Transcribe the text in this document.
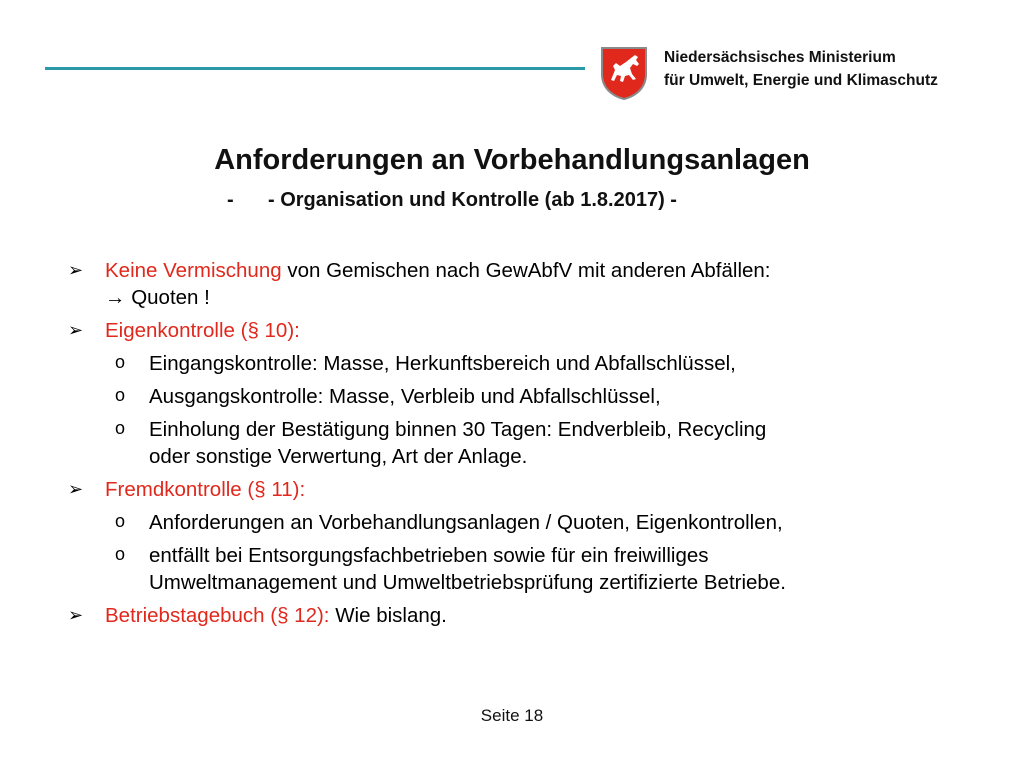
Niedersächsisches Ministerium
für Umwelt, Energie und Klimaschutz
Anforderungen an Vorbehandlungsanlagen
- - Organisation und Kontrolle (ab 1.8.2017) -
➢ Keine Vermischung von Gemischen nach GewAbfV mit anderen Abfällen:
→ Quoten !
➢ Eigenkontrolle (§ 10):
o Eingangskontrolle: Masse, Herkunftsbereich und Abfallschlüssel,
o Ausgangskontrolle: Masse, Verbleib und Abfallschlüssel,
o Einholung der Bestätigung binnen 30 Tagen: Endverbleib, Recycling
oder sonstige Verwertung, Art der Anlage.
➢ Fremdkontrolle (§ 11):
o Anforderungen an Vorbehandlungsanlagen / Quoten, Eigenkontrollen,
o entfällt bei Entsorgungsfachbetrieben sowie für ein freiwilliges
Umweltmanagement und Umweltbetriebsprüfung zertifizierte Betriebe.
➢ Betriebstagebuch (§ 12): Wie bislang.
Seite 18
